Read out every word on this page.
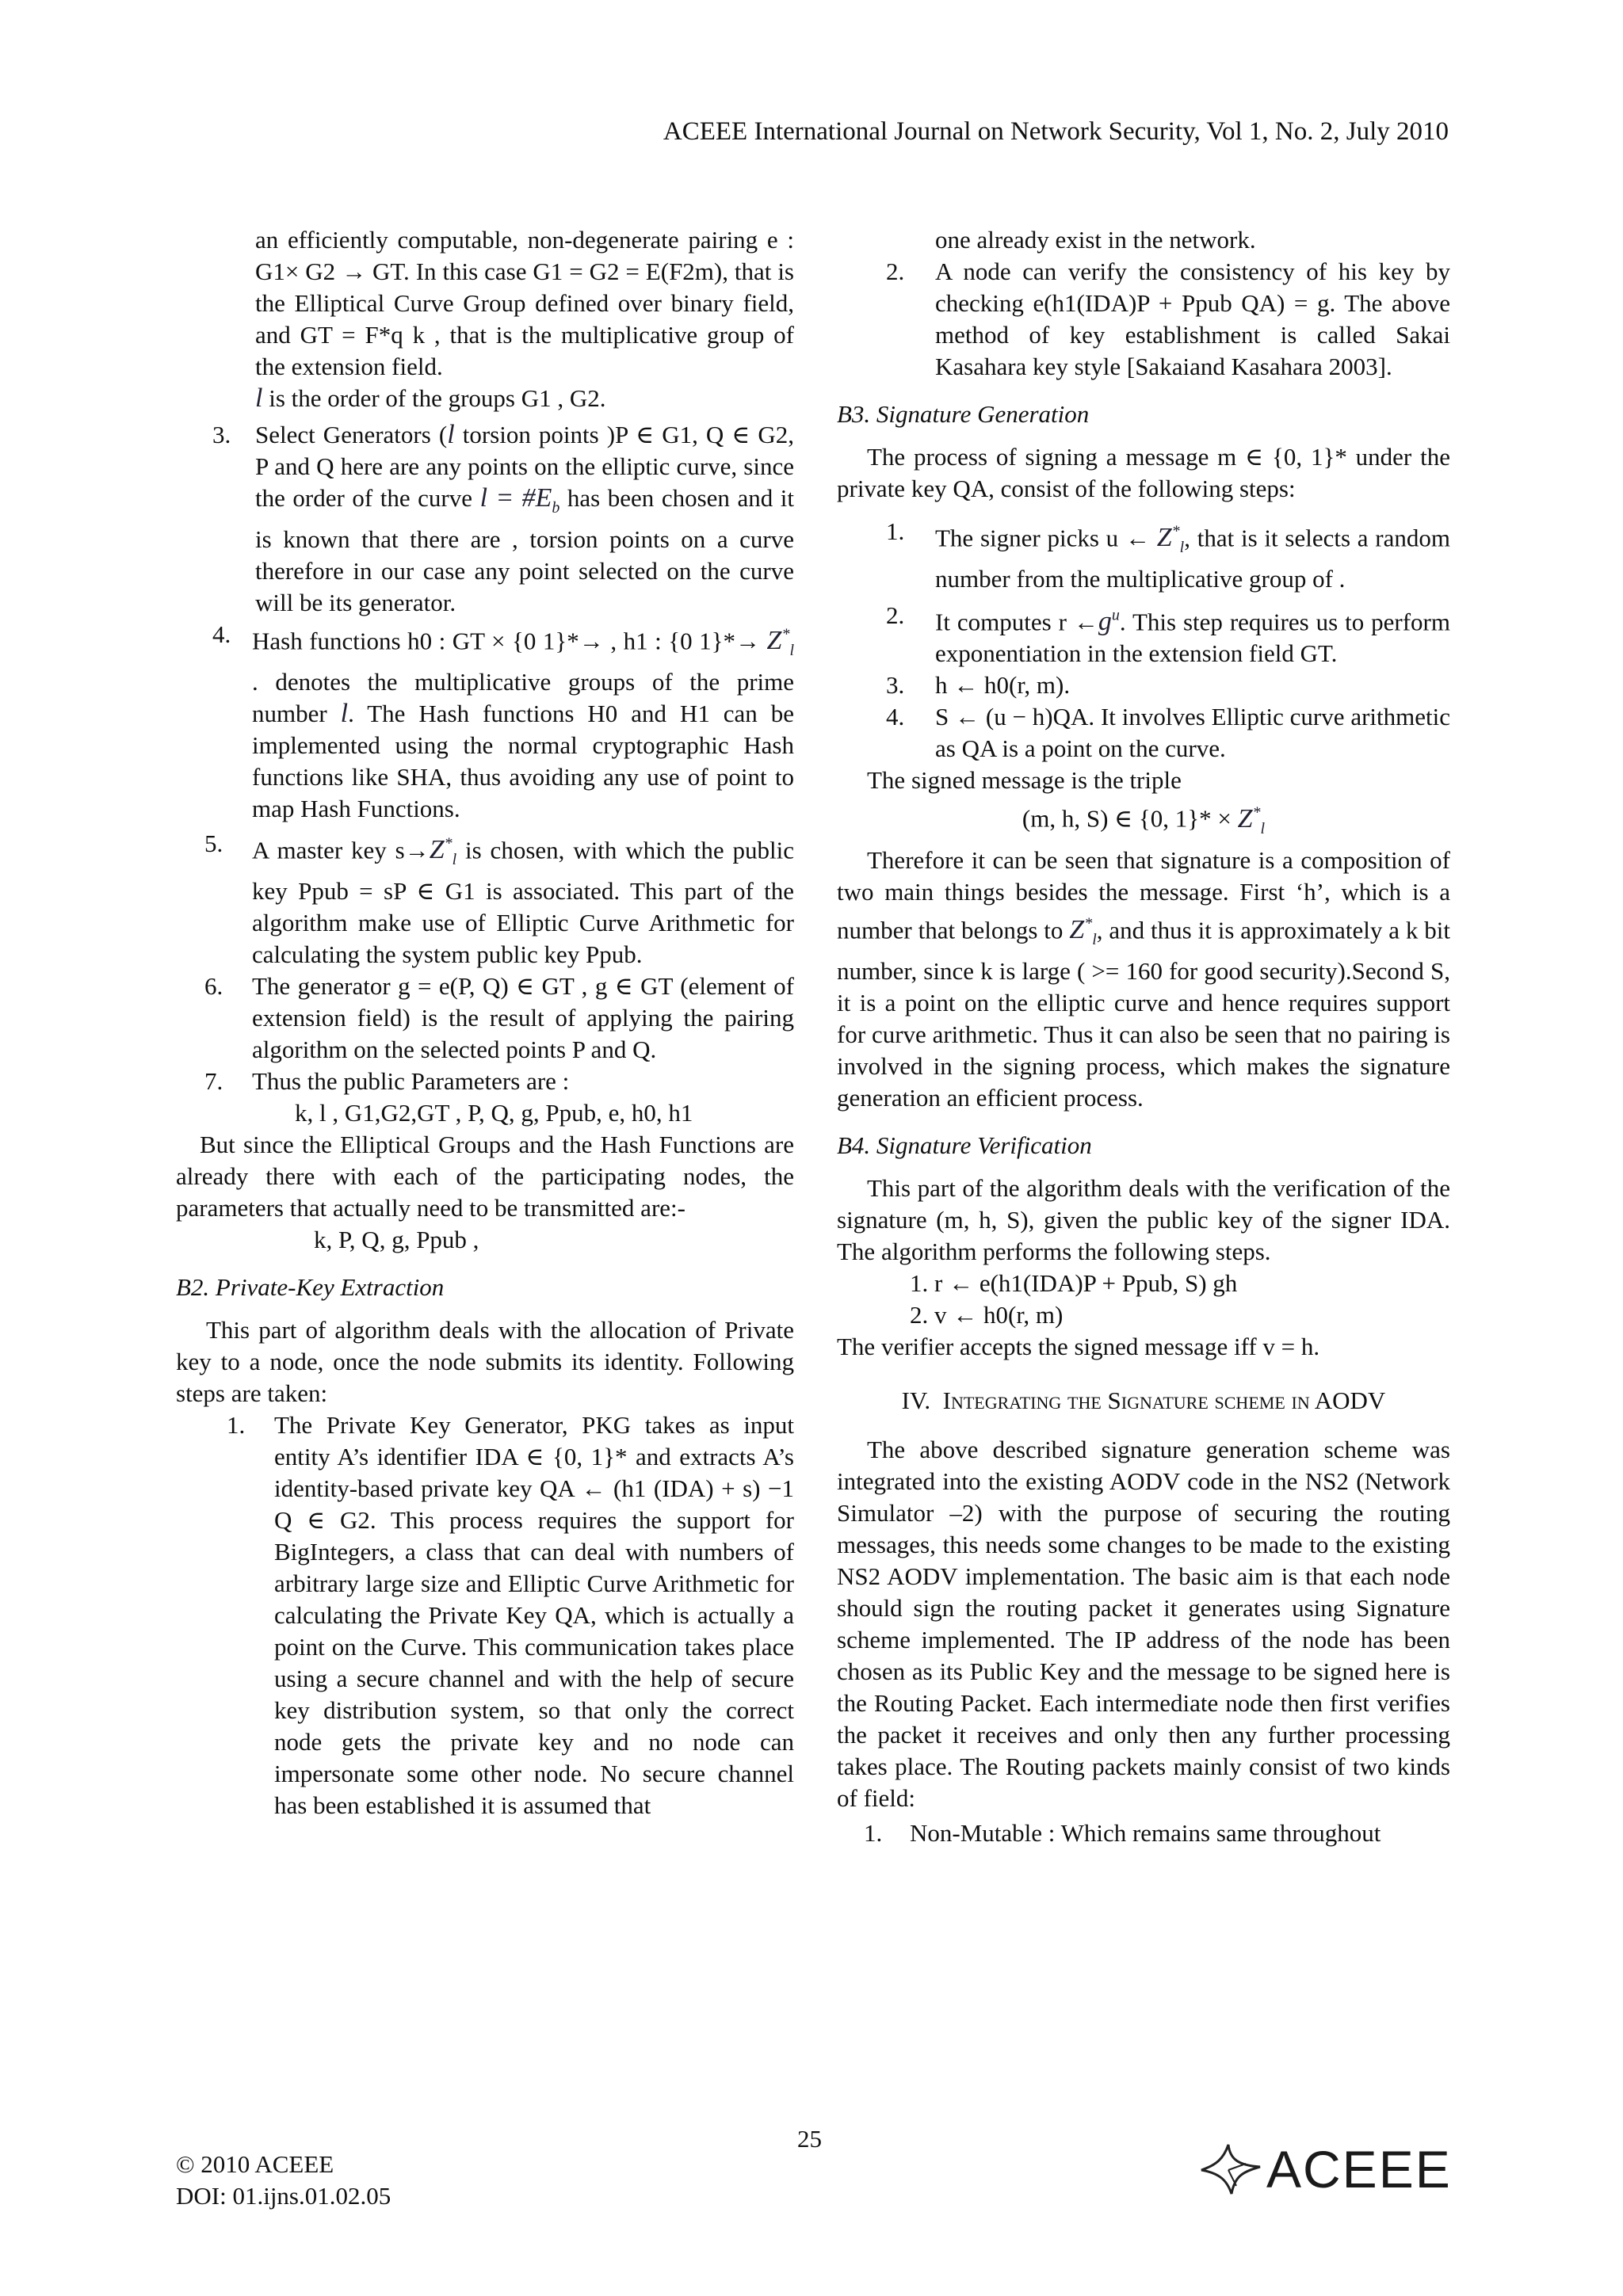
ACEEE International Journal on Network Security, Vol 1, No. 2, July 2010

an efficiently computable, non-degenerate pairing e : G1× G2 → GT. In this case G1 = G2 = E(F2m), that is the Elliptical Curve Group defined over binary field, and GT = F*q k , that is the multiplicative group of the extension field.

l is the order of the groups G1 , G2.

3. Select Generators (l torsion points )P ∈ G1, Q ∈ G2, P and Q here are any points on the elliptic curve, since the order of the curve $l = \#E_b$ has been chosen and it is known that there are , torsion points on a curve therefore in our case any point selected on the curve will be its generator.
4. Hash functions h0 : GT × {0 1}*→ , h1 : {0 $1\}*\to Z^*_l$ . denotes the multiplicative groups of the prime number l. The Hash functions H0 and H1 can be implemented using the normal cryptographic Hash functions like SHA, thus avoiding any use of point to map Hash Functions.
5.	A master key $s\to Z^*_l$ is chosen, with which the public key Ppub = sP ∈ G1 is associated. This part of the algorithm make use of Elliptic Curve Arithmetic for calculating the system public key Ppub.
6.	The generator g = e(P, Q) ∈ GT , g ∈ GT (element of extension field) is the result of applying the pairing algorithm on the selected points P and Q.
7.	Thus the public Parameters are :

k, l , G1,G2,GT , P, Q, g, Ppub, e, h0, h1

But since the Elliptical Groups and the Hash Functions are already there with each of the participating nodes, the parameters that actually need to be transmitted are:-

k, P, Q, g, Ppub ,

B2. Private-Key Extraction

This part of algorithm deals with the allocation of Private key to a node, once the node submits its identity. Following steps are taken:

1.	The Private Key Generator, PKG takes as input entity A’s identifier IDA ∈ {0, 1}* and extracts A’s identity-based private key QA ← (h1 (IDA) + s) −1 Q ∈ G2. This process requires the support for BigIntegers, a class that can deal with numbers of arbitrary large size and Elliptic Curve Arithmetic for calculating the Private Key QA, which is actually a point on the Curve. This communication takes place using a secure channel and with the help of secure key distribution system, so that only the correct node gets the private key and no node can impersonate some other node. No secure channel has been established it is assumed that

one already exist in the network.

2.	A node can verify the consistency of his key by checking e(h1(IDA)P + Ppub QA) = g. The above method of key establishment is called Sakai Kasahara key style [Sakaiand Kasahara 2003].

B3. Signature Generation

The process of signing a message m ∈ {0, 1}* under the private key QA, consist of the following steps:

1.	The signer picks u ← $Z^*_l$, that is it selects a random number from the multiplicative group of .
2.	It computes r $\leftarrow g^u$. This step requires us to perform exponentiation in the extension field GT.
3.	h ← h0(r, m).
4.	S ← (u − h)QA. It involves Elliptic curve arithmetic as QA is a point on the curve.

The signed message is the triple

(m, h, S) ∈ {0, $1\}* \times Z^*_l$

Therefore it can be seen that signature is a composition of two main things besides the message. First ‘h’, which is a number that belongs to $Z^*_l$, and thus it is approximately a k bit number, since k is large ( >= 160 for good security).Second S, it is a point on the elliptic curve and hence requires support for curve arithmetic. Thus it can also be seen that no pairing is involved in the signing process, which makes the signature generation an efficient process.

B4. Signature Verification

This part of the algorithm deals with the verification of the signature (m, h, S), given the public key of the signer IDA. The algorithm performs the following steps.

1. r ← e(h1(IDA)P + Ppub, S) gh

2. v ← h0(r, m)

The verifier accepts the signed message iff v = h.

IV. Integrating the Signature scheme in AODV

The above described signature generation scheme was integrated into the existing AODV code in the NS2 (Network Simulator –2) with the purpose of securing the routing messages, this needs some changes to be made to the existing NS2 AODV implementation. The basic aim is that each node should sign the routing packet it generates using Signature scheme implemented. The IP address of the node has been chosen as its Public Key and the message to be signed here is the Routing Packet. Each intermediate node then first verifies the packet it receives and only then any further processing takes place. The Routing packets mainly consist of two kinds of field:

1.	Non-Mutable : Which remains same throughout
25
© 2010 ACEEE
DOI: 01.ijns.01.02.05	ACEEE
